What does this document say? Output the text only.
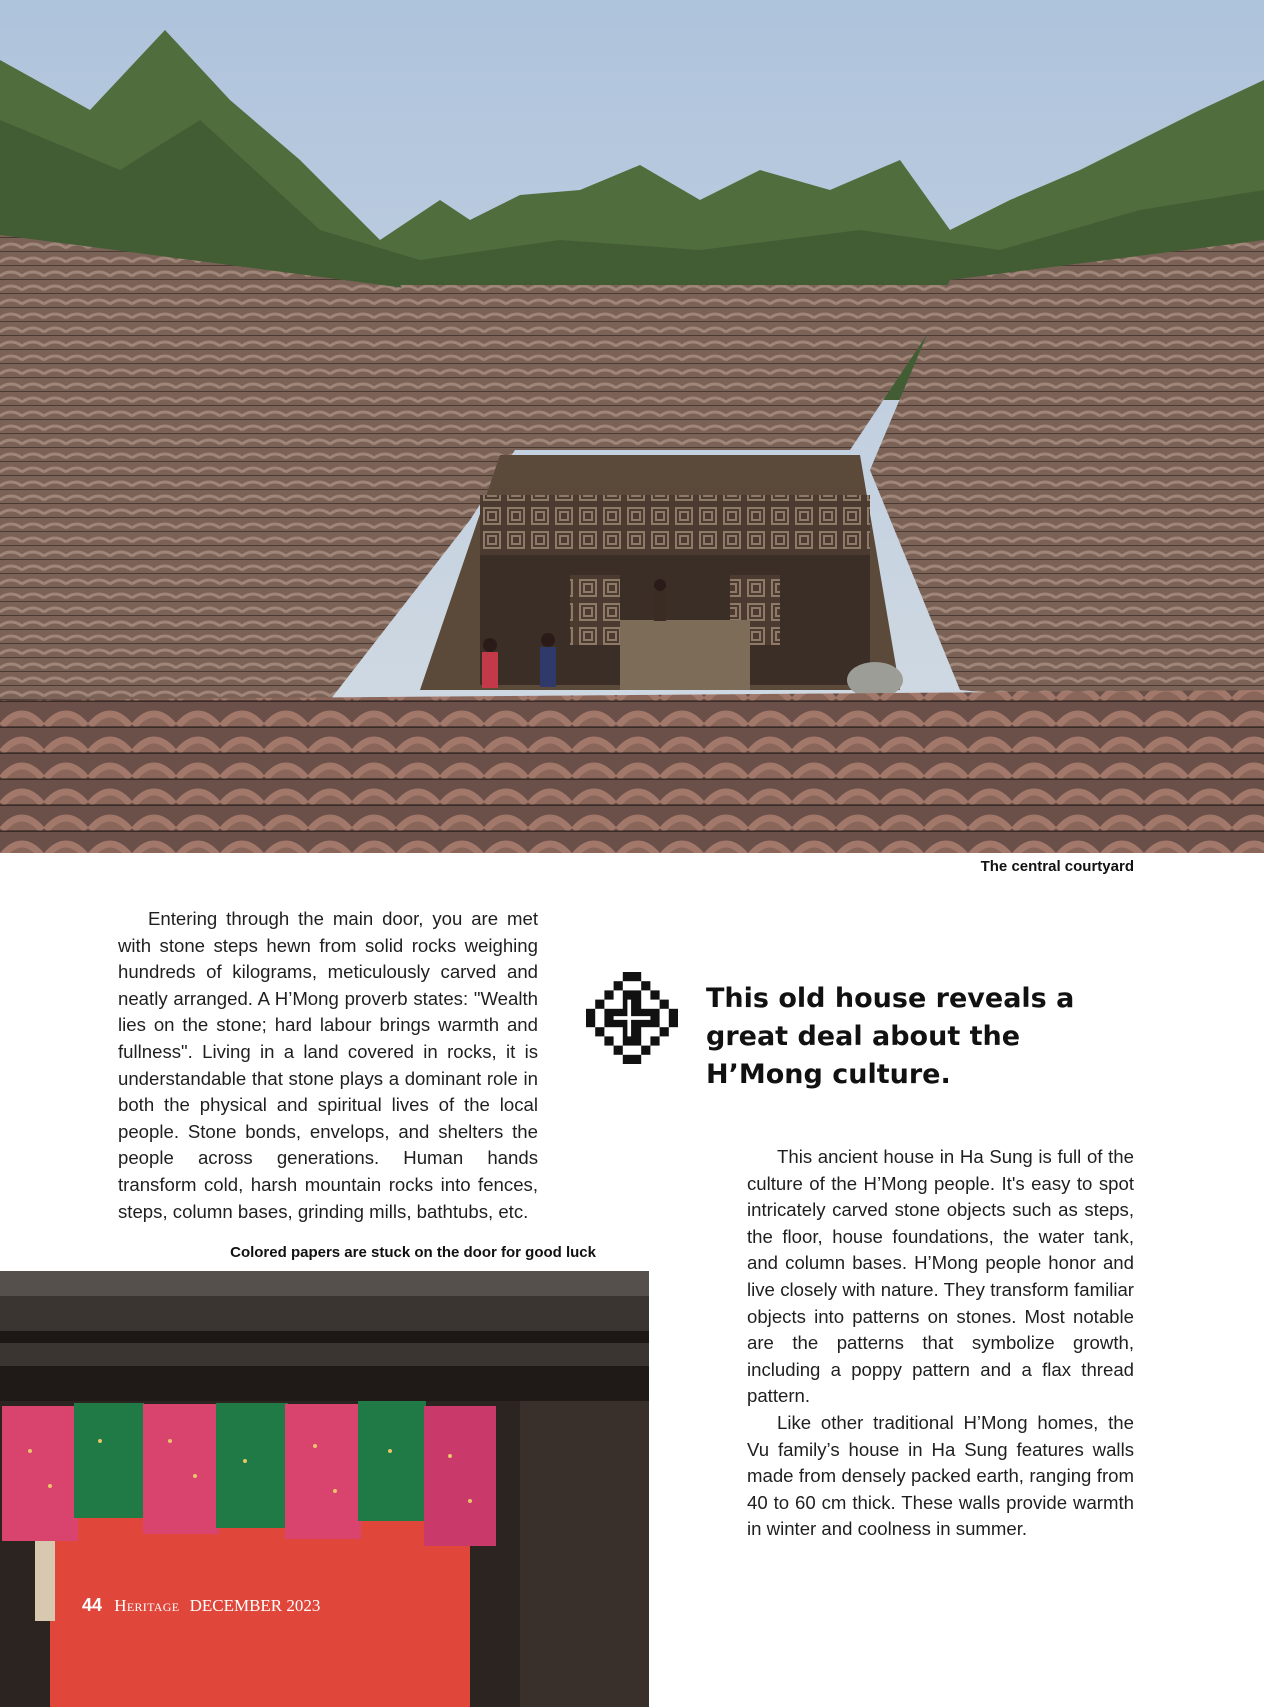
The central courtyard

Entering through the main door, you are met with stone steps hewn from solid rocks weighing hundreds of kilograms, meticulously carved and neatly arranged. A H’Mong proverb states: "Wealth lies on the stone; hard labour brings warmth and fullness". Living in a land covered in rocks, it is understandable that stone plays a dominant role in both the physical and spiritual lives of the local people. Stone bonds, envelops, and shelters the people across generations. Human hands transform cold, harsh mountain rocks into fences, steps, column bases, grinding mills, bathtubs, etc.

This old house reveals a great deal about the H’Mong culture.

This ancient house in Ha Sung is full of the culture of the H’Mong people. It's easy to spot intricately carved stone objects such as steps, the floor, house foundations, the water tank, and column bases. H’Mong people honor and live closely with nature. They transform familiar objects into patterns on stones. Most notable are the patterns that symbolize growth, including a poppy pattern and a flax thread pattern.

Like other traditional H’Mong homes, the Vu family’s house in Ha Sung features walls made from densely packed earth, ranging from 40 to 60 cm thick. These walls provide warmth in winter and coolness in summer.

Colored papers are stuck on the door for good luck
44 Heritage DECEMBER 2023
